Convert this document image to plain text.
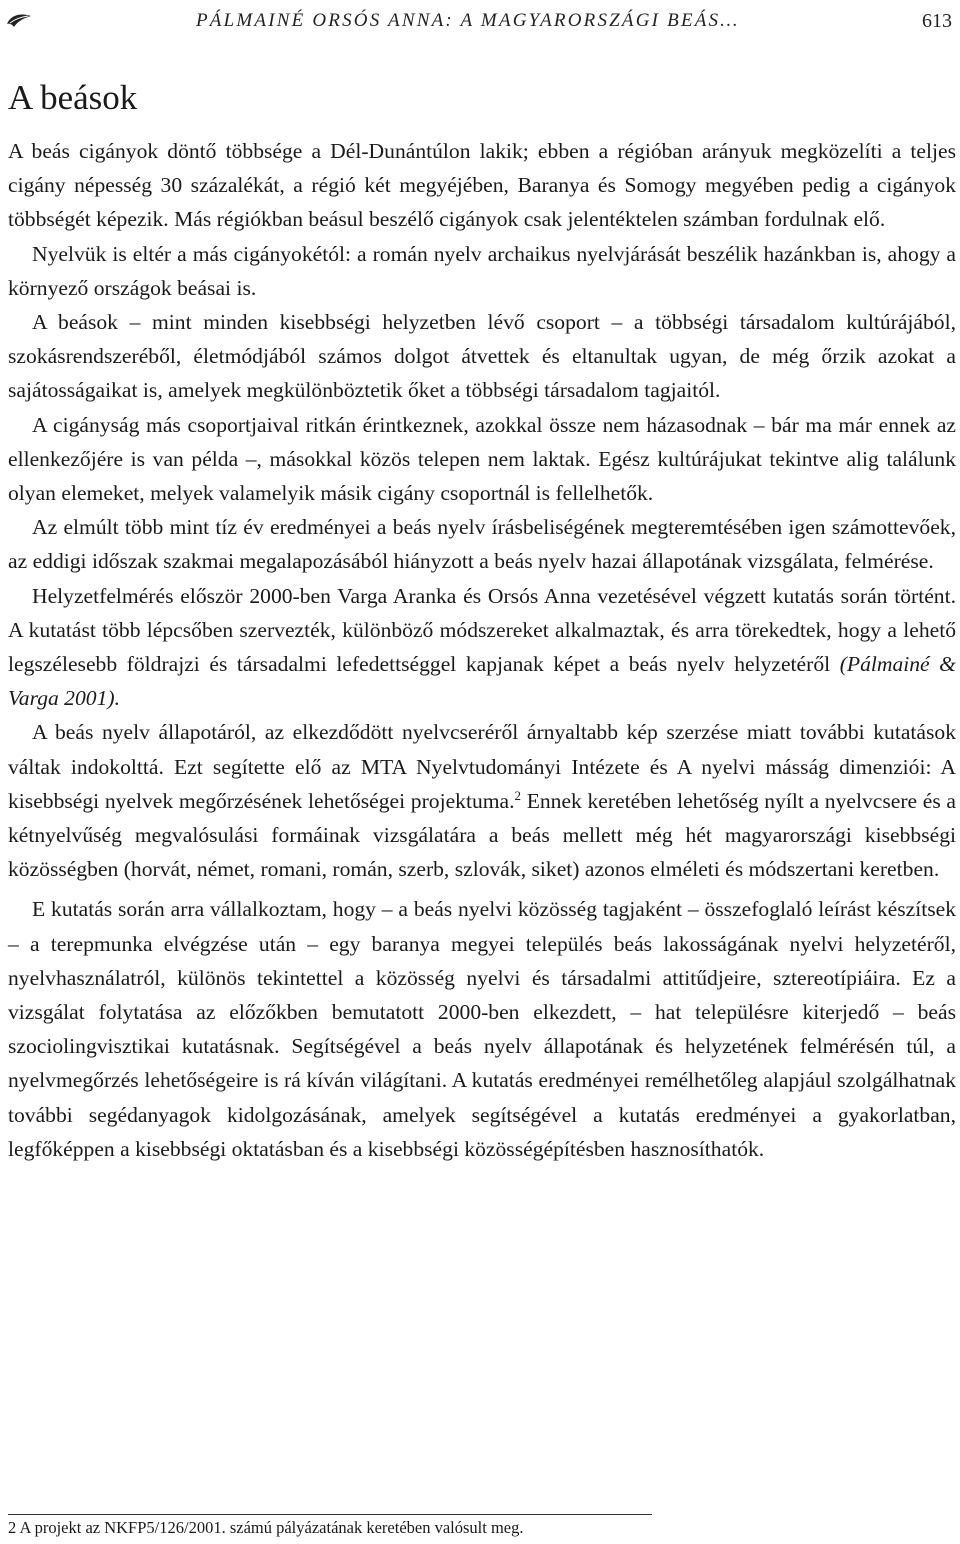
PÁLMAINÉ ORSÓS ANNA: A MAGYARORSZÁGI BEÁS…	613
A beások

A beás cigányok döntő többsége a Dél-Dunántúlon lakik; ebben a régióban arányuk megközelíti a teljes cigány népesség 30 százalékát, a régió két megyéjében, Baranya és Somogy megyében pedig a cigányok többségét képezik. Más régiókban beásul beszélő cigányok csak jelentéktelen számban fordulnak elő.

Nyelvük is eltér a más cigányokétól: a román nyelv archaikus nyelvjárását beszélik hazánkban is, ahogy a környező országok beásai is.

A beások – mint minden kisebbségi helyzetben lévő csoport – a többségi társadalom kultúrájából, szokásrendszeréből, életmódjából számos dolgot átvettek és eltanultak ugyan, de még őrzik azokat a sajátosságaikat is, amelyek megkülönböztetik őket a többségi társadalom tagjaitól.

A cigányság más csoportjaival ritkán érintkeznek, azokkal össze nem házasodnak – bár ma már ennek az ellenkezőjére is van példa –, másokkal közös telepen nem laktak. Egész kultúrájukat tekintve alig találunk olyan elemeket, melyek valamelyik másik cigány csoportnál is fellelhetők.

Az elmúlt több mint tíz év eredményei a beás nyelv írásbeliségének megteremtésében igen számottevőek, az eddigi időszak szakmai megalapozásából hiányzott a beás nyelv hazai állapotának vizsgálata, felmérése.

Helyzetfelmérés először 2000-ben Varga Aranka és Orsós Anna vezetésével végzett kutatás során történt. A kutatást több lépcsőben szervezték, különböző módszereket alkalmaztak, és arra törekedtek, hogy a lehető legszélesebb földrajzi és társadalmi lefedettséggel kapjanak képet a beás nyelv helyzetéről (Pálmainé & Varga 2001).

A beás nyelv állapotáról, az elkezdődött nyelvcseréről árnyaltabb kép szerzése miatt további kutatások váltak indokolttá. Ezt segítette elő az MTA Nyelvtudományi Intézete és A nyelvi másság dimenziói: A kisebbségi nyelvek megőrzésének lehetőségei projektuma.$^2$ Ennek keretében lehetőség nyílt a nyelvcsere és a kétnyelvűség megvalósulási formáinak vizsgálatára a beás mellett még hét magyarországi kisebbségi közösségben (horvát, német, romani, román, szerb, szlovák, siket) azonos elméleti és módszertani keretben.

E kutatás során arra vállalkoztam, hogy – a beás nyelvi közösség tagjaként – összefoglaló leírást készítsek – a terepmunka elvégzése után – egy baranya megyei település beás lakosságának nyelvi helyzetéről, nyelvhasználatról, különös tekintettel a közösség nyelvi és társadalmi attitűdjeire, sztereotípiáira. Ez a vizsgálat folytatása az előzőkben bemutatott 2000-ben elkezdett, – hat településre kiterjedő – beás szociolingvisztikai kutatásnak. Segítségével a beás nyelv állapotának és helyzetének felmérésén túl, a nyelvmegőrzés lehetőségeire is rá kíván világítani. A kutatás eredményei remélhetőleg alapjául szolgálhatnak további segédanyagok kidolgozásának, amelyek segítségével a kutatás eredményei a gyakorlatban, legfőképpen a kisebbségi oktatásban és a kisebbségi közösségépítésben hasznosíthatók.

2 A projekt az NKFP5/126/2001. számú pályázatának keretében valósult meg.
